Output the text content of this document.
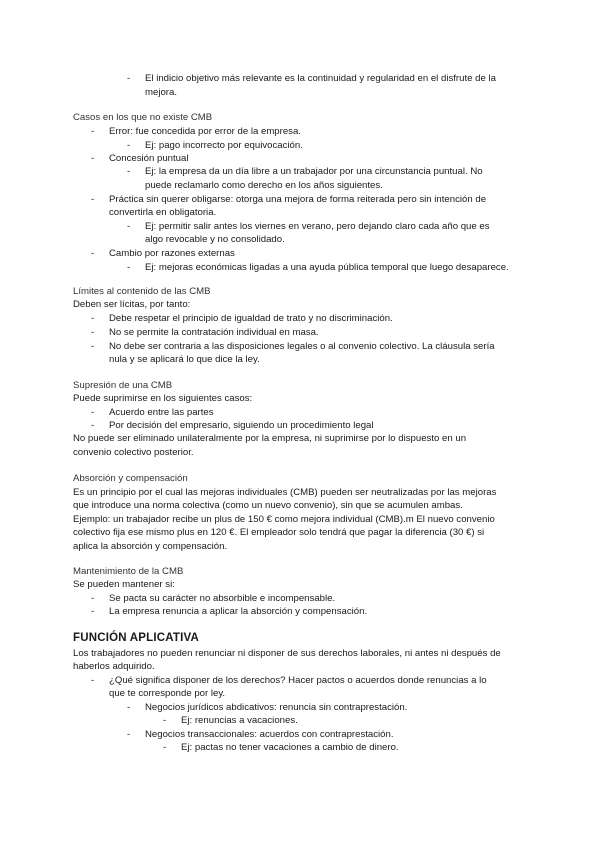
- El indicio objetivo más relevante es la continuidad y regularidad en el disfrute de la
mejora.
Casos en los que no existe CMB
- Error: fue concedida por error de la empresa.
- Ej: pago incorrecto por equivocación.
- Concesión puntual
- Ej: la empresa da un día libre a un trabajador por una circunstancia puntual. No
puede reclamarlo como derecho en los años siguientes.
- Práctica sin querer obligarse: otorga una mejora de forma reiterada pero sin intención de
convertirla en obligatoria.
- Ej: permitir salir antes los viernes en verano, pero dejando claro cada año que es
algo revocable y no consolidado.
- Cambio por razones externas
- Ej: mejoras económicas ligadas a una ayuda pública temporal que luego desaparece.
Límites al contenido de las CMB
Deben ser lícitas, por tanto:
- Debe respetar el principio de igualdad de trato y no discriminación.
- No se permite la contratación individual en masa.
- No debe ser contraria a las disposiciones legales o al convenio colectivo. La cláusula sería
nula y se aplicará lo que dice la ley.
Supresión de una CMB
Puede suprimirse en los siguientes casos:
- Acuerdo entre las partes
- Por decisión del empresario, siguiendo un procedimiento legal
No puede ser eliminado unilateralmente por la empresa, ni suprimirse por lo dispuesto en un
convenio colectivo posterior.
Absorción y compensación
Es un principio por el cual las mejoras individuales (CMB) pueden ser neutralizadas por las mejoras
que introduce una norma colectiva (como un nuevo convenio), sin que se acumulen ambas.
Ejemplo: un trabajador recibe un plus de 150 € como mejora individual (CMB).m El nuevo convenio
colectivo fija ese mismo plus en 120 €. El empleador solo tendrá que pagar la diferencia (30 €) si
aplica la absorción y compensación.
Mantenimiento de la CMB
Se pueden mantener si:
- Se pacta su carácter no absorbible e incompensable.
- La empresa renuncia a aplicar la absorción y compensación.
FUNCIÓN APLICATIVA
Los trabajadores no pueden renunciar ni disponer de sus derechos laborales, ni antes ni después de
haberlos adquirido.
- ¿Qué significa disponer de los derechos? Hacer pactos o acuerdos donde renuncias a lo
que te corresponde por ley.
- Negocios jurídicos abdicativos: renuncia sin contraprestación.
- Ej: renuncias a vacaciones.
- Negocios transaccionales: acuerdos con contraprestación.
- Ej: pactas no tener vacaciones a cambio de dinero.
